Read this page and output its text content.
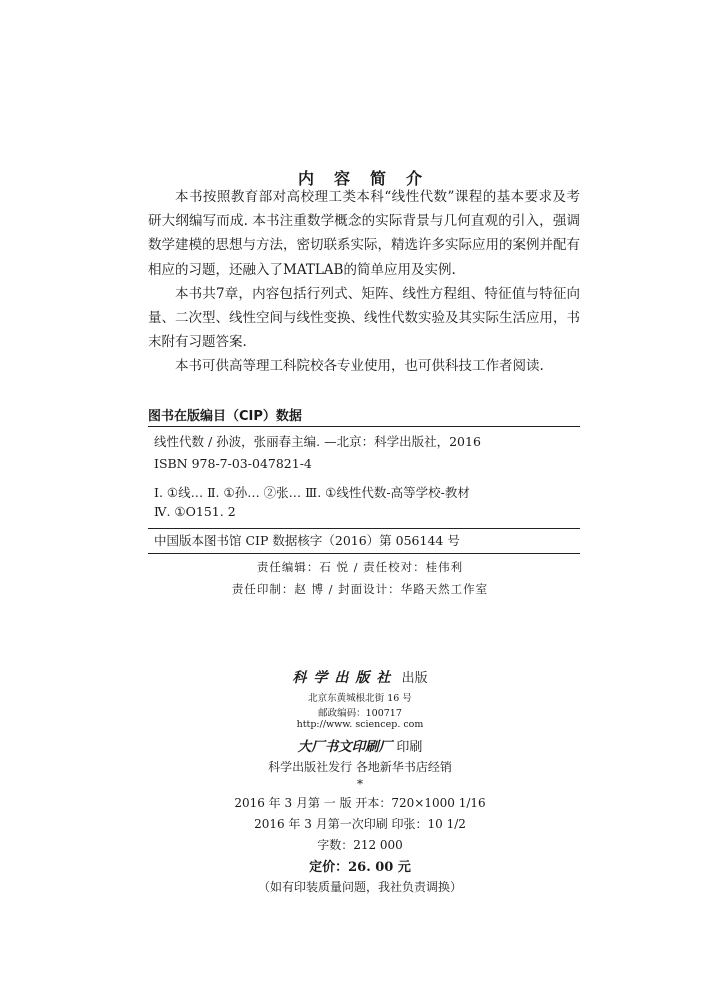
内容简介

本书按照教育部对高校理工类本科“线性代数”课程的基本要求及考研大纲编写而成. 本书注重数学概念的实际背景与几何直观的引入，强调数学建模的思想与方法，密切联系实际，精选许多实际应用的案例并配有相应的习题，还融入了MATLAB的简单应用及实例.

本书共7章，内容包括行列式、矩阵、线性方程组、特征值与特征向量、二次型、线性空间与线性变换、线性代数实验及其实际生活应用，书末附有习题答案.

本书可供高等理工科院校各专业使用，也可供科技工作者阅读.

图书在版编目（CIP）数据
线性代数 / 孙波，张丽春主编. —北京：科学出版社，2016
ISBN 978-7-03-047821-4
Ⅰ. ①线… Ⅱ. ①孙… ②张… Ⅲ. ①线性代数-高等学校-教材
Ⅳ. ①O151. 2
中国版本图书馆 CIP 数据核字（2016）第 056144 号
责任编辑：石 悦 / 责任校对：桂伟利
责任印制：赵 博 / 封面设计：华路天然工作室
科学出版社 出版
北京东黄城根北街 16 号
邮政编码：100717
http://www. sciencep. com
大厂书文印刷厂 印刷
科学出版社发行 各地新华书店经销
*
2016 年 3 月第 一 版 开本：720×1000 1/16
2016 年 3 月第一次印刷 印张：10 1/2
字数：212 000
定价：26. 00 元
（如有印装质量问题，我社负责调换）
